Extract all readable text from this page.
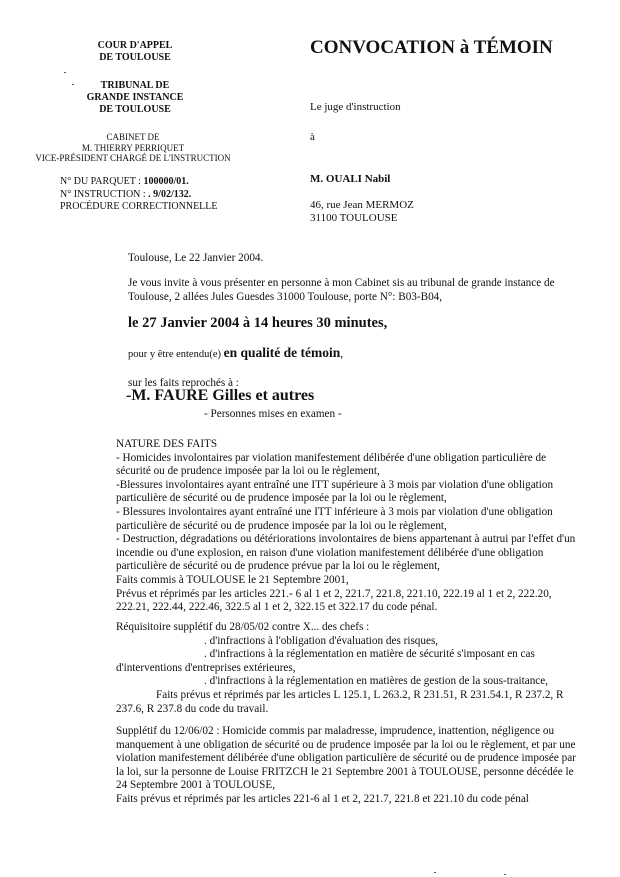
COUR D'APPEL
DE TOULOUSE
TRIBUNAL DE
GRANDE INSTANCE
DE TOULOUSE
CABINET DE
M. THIERRY PERRIQUET
VICE-PRÉSIDENT CHARGÉ DE L'INSTRUCTION
N° DU PARQUET : 100000/01.
N° INSTRUCTION : . 9/02/132.
PROCÉDURE CORRECTIONNELLE
CONVOCATION à TÉMOIN
Le juge d'instruction
à
M. OUALI Nabil
46, rue Jean MERMOZ
31100 TOULOUSE
Toulouse, Le 22 Janvier 2004.
Je vous invite à vous présenter en personne à mon Cabinet sis au tribunal de grande instance de
Toulouse, 2 allées Jules Guesdes 31000 Toulouse, porte N°: B03-B04,
le 27 Janvier 2004 à 14 heures 30 minutes,
pour y être entendu(e) en qualité de témoin,
sur les faits reprochés à :
-M. FAURE Gilles et autres
- Personnes mises en examen -
NATURE DES FAITS
- Homicides involontaires par violation manifestement délibérée d'une obligation particulière de
sécurité ou de prudence imposée par la loi ou le règlement,
-Blessures involontaires ayant entraîné une ITT supérieure à 3 mois par violation d'une obligation
particulière de sécurité ou de prudence imposée par la loi ou le règlement,
- Blessures involontaires ayant entraîné une ITT inférieure à 3 mois par violation d'une obligation
particulière de sécurité ou de prudence imposée par la loi ou le règlement,
- Destruction, dégradations ou détériorations involontaires de biens appartenant à autrui par l'effet d'un
incendie ou d'une explosion, en raison d'une violation manifestement délibérée d'une obligation
particulière de sécurité ou de prudence prévue par la loi ou le règlement,
Faits commis à TOULOUSE le 21 Septembre 2001,
Prévus et réprimés par les articles 221.- 6 al 1 et 2, 221.7, 221.8, 221.10, 222.19 al 1 et 2, 222.20,
222.21, 222.44, 222.46, 322.5 al 1 et 2, 322.15 et 322.17 du code pénal.
Réquisitoire supplétif du 28/05/02 contre X... des chefs :
. d'infractions à l'obligation d'évaluation des risques,
. d'infractions à la réglementation en matière de sécurité s'imposant en cas
d'interventions d'entreprises extérieures,
. d'infractions à la réglementation en matières de gestion de la sous-traitance,
Faits prévus et réprimés par les articles L 125.1, L 263.2, R 231.51, R 231.54.1, R 237.2, R
237.6, R 237.8 du code du travail.
Supplétif du 12/06/02 : Homicide commis par maladresse, imprudence, inattention, négligence ou
manquement à une obligation de sécurité ou de prudence imposée par la loi ou le règlement, et par une
violation manifestement délibérée d'une obligation particulière de sécurité ou de prudence imposée par
la loi, sur la personne de Louise FRITZCH le 21 Septembre 2001 à TOULOUSE, personne décédée le
24 Septembre 2001 à TOULOUSE,
Faits prévus et réprimés par les articles 221-6 al 1 et 2, 221.7, 221.8 et 221.10 du code pénal
